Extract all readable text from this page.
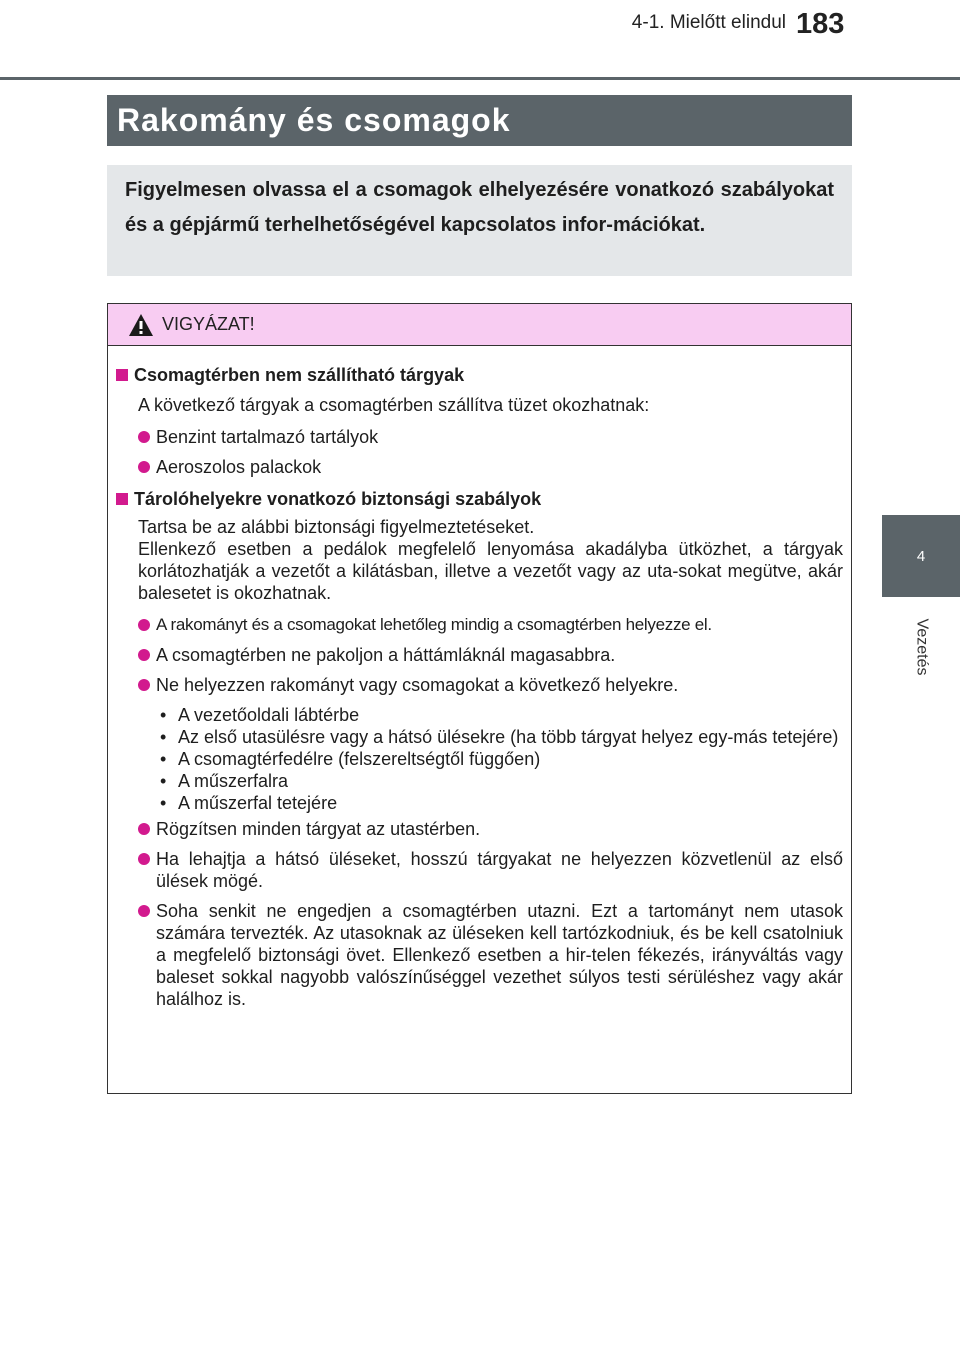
4-1. Mielőtt elindul 183
4
Vezetés
Rakomány és csomagok
Figyelmesen olvassa el a csomagok elhelyezésére vonatkozó szabályokat és a gépjármű terhelhetőségével kapcsolatos infor-mációkat.
VIGYÁZAT!
Csomagtérben nem szállítható tárgyak
A következő tárgyak a csomagtérben szállítva tüzet okozhatnak:
Benzint tartalmazó tartályok
Aeroszolos palackok
Tárolóhelyekre vonatkozó biztonsági szabályok
Tartsa be az alábbi biztonsági figyelmeztetéseket.
Ellenkező esetben a pedálok megfelelő lenyomása akadályba ütközhet, a tárgyak korlátozhatják a vezetőt a kilátásban, illetve a vezetőt vagy az uta-sokat megütve, akár balesetet is okozhatnak.
A rakományt és a csomagokat lehetőleg mindig a csomagtérben helyezze el.
A csomagtérben ne pakoljon a háttámláknál magasabbra.
Ne helyezzen rakományt vagy csomagokat a következő helyekre.
• A vezetőoldali lábtérbe
• Az első utasülésre vagy a hátsó ülésekre (ha több tárgyat helyez egy-más tetejére)
• A csomagtérfedélre (felszereltségtől függően)
• A műszerfalra
• A műszerfal tetejére
Rögzítsen minden tárgyat az utastérben.
Ha lehajtja a hátsó üléseket, hosszú tárgyakat ne helyezzen közvetlenül az első ülések mögé.
Soha senkit ne engedjen a csomagtérben utazni. Ezt a tartományt nem utasok számára tervezték. Az utasoknak az üléseken kell tartózkodniuk, és be kell csatolniuk a megfelelő biztonsági övet. Ellenkező esetben a hir-telen fékezés, irányváltás vagy baleset sokkal nagyobb valószínűséggel vezethet súlyos testi sérüléshez vagy akár halálhoz is.
